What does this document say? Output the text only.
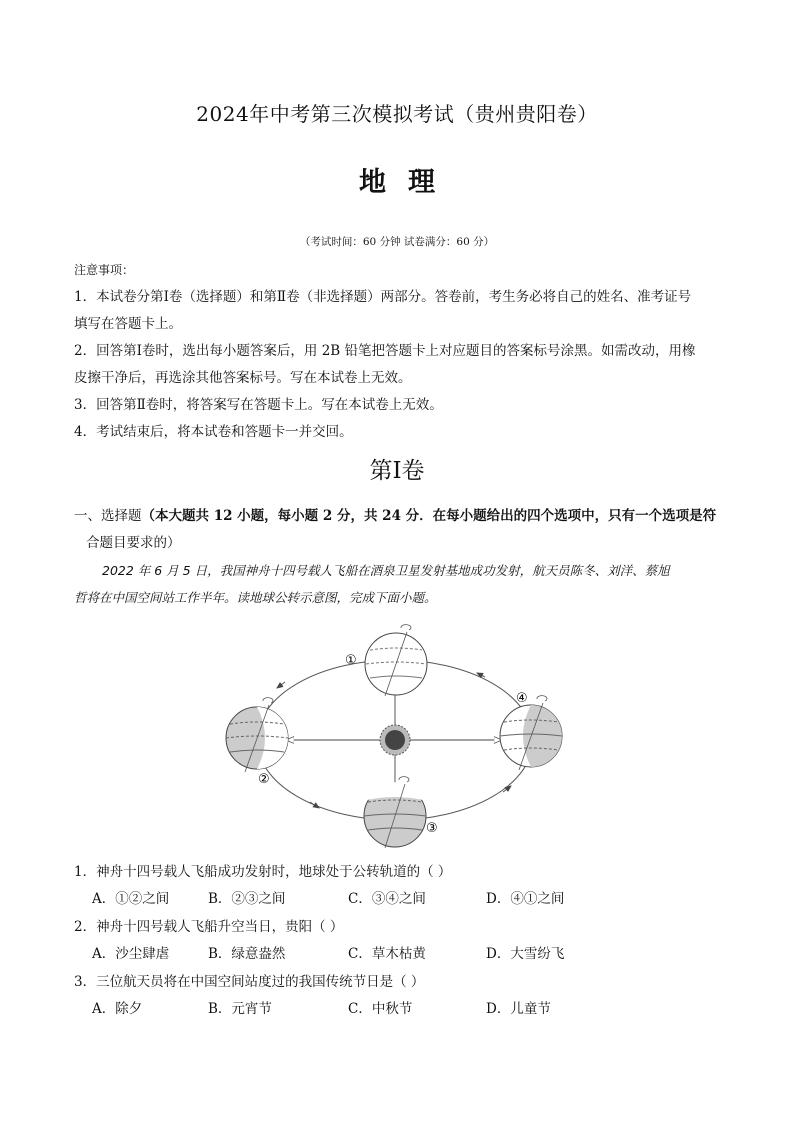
2024年中考第三次模拟考试（贵州贵阳卷）
地理
（考试时间：60 分钟 试卷满分：60 分）
注意事项：
1．本试卷分第Ⅰ卷（选择题）和第Ⅱ卷（非选择题）两部分。答卷前，考生务必将自己的姓名、准考证号
填写在答题卡上。
2．回答第Ⅰ卷时，选出每小题答案后，用 2B 铅笔把答题卡上对应题目的答案标号涂黑。如需改动，用橡
皮擦干净后，再选涂其他答案标号。写在本试卷上无效。
3．回答第Ⅱ卷时，将答案写在答题卡上。写在本试卷上无效。
4．考试结束后，将本试卷和答题卡一并交回。
第Ⅰ卷
一、选择题（本大题共 12 小题，每小题 2 分，共 24 分．在每小题给出的四个选项中，只有一个选项是符
合题目要求的）
2022 年 6 月 5 日，我国神舟十四号载人飞船在酒泉卫星发射基地成功发射，航天员陈冬、刘洋、蔡旭
哲将在中国空间站工作半年。读地球公转示意图，完成下面小题。
①
②
③
④
1．神舟十四号载人飞船成功发射时，地球处于公转轨道的（ ）
A．①②之间	B．②③之间	C．③④之间	D．④①之间
2．神舟十四号载人飞船升空当日，贵阳（ ）
A．沙尘肆虐	B．绿意盎然	C．草木枯黄	D．大雪纷飞
3．三位航天员将在中国空间站度过的我国传统节日是（ ）
A．除夕	B．元宵节	C．中秋节	D．儿童节
